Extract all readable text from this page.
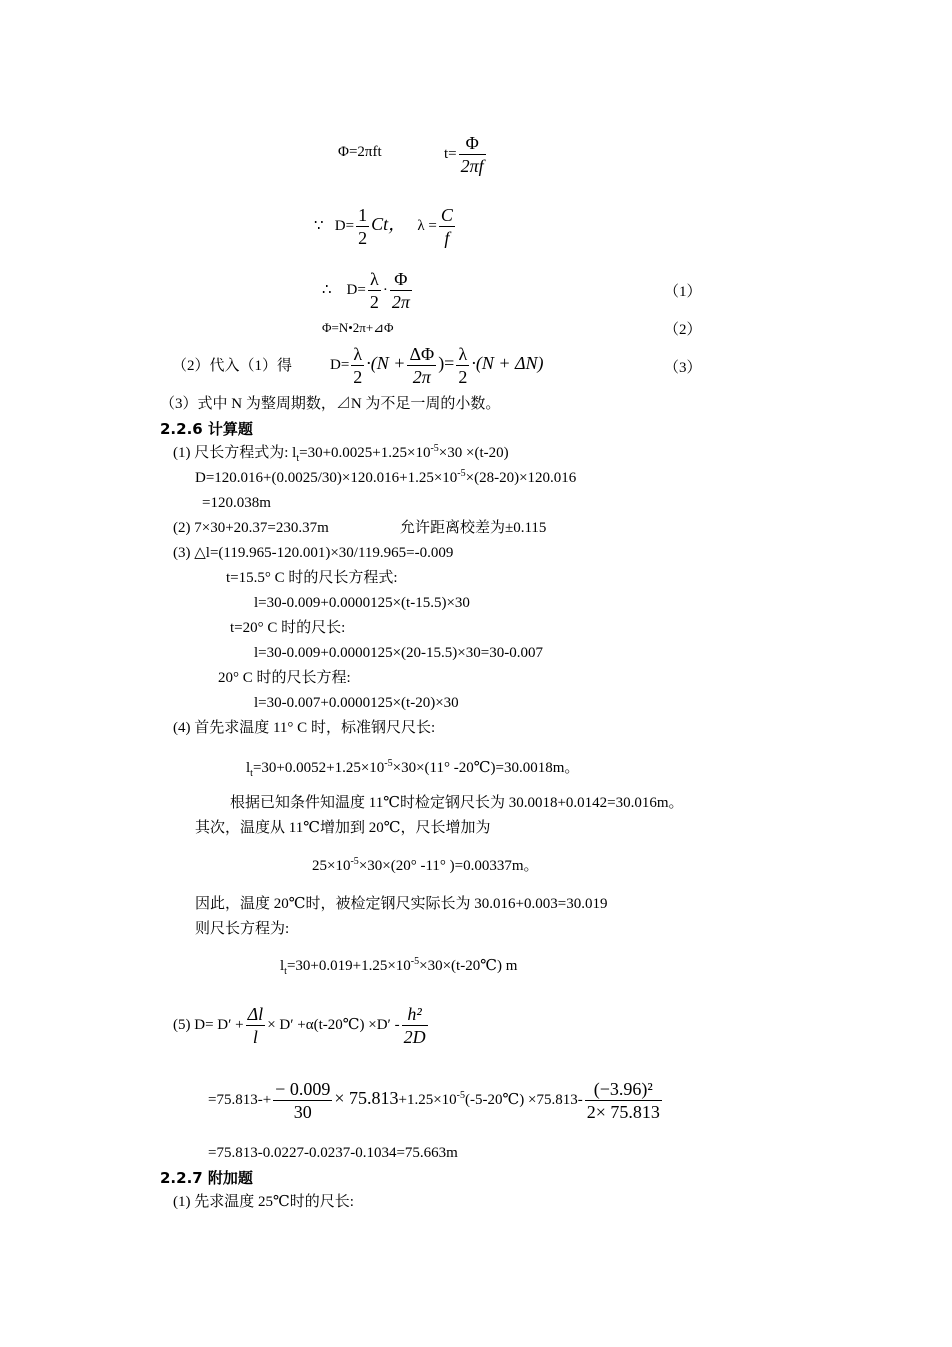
Φ=2πft	$t= \frac{\Phi}{2\pi f}$
∵ $D= \frac{1}{2}$ Ct， $\lambda = \frac{C}{f}$
∴ $D= \frac{\lambda}{2} \cdot \frac{\Phi}{2\pi}$	（1）
Φ=N•2π+⊿Φ	（2）
（2）代入（1）得	$D= \frac{\lambda}{2} \cdot(N + \frac{\Delta\Phi}{2\pi}$ )= $\frac{\lambda}{2} \cdot(N + \Delta N)$	（3）
（3）式中 N 为整周期数，⊿N 为不足一周的小数。
2.2.6 计算题
(1) 尺长方程式为: $l_t=30+0.0025+1.25\times 10^{-5}\times 30 \times(t-20)$
$D=120.016+(0.0025/30)\times 120.016+1.25\times 10^{-5}\times(28-20)\times 120.016$
=120.038m
(2) 7×30+20.37=230.37m	允许距离校差为±0.115
(3) △l=(119.965-120.001)×30/119.965=-0.009
t=15.5° C 时的尺长方程式:
l=30-0.009+0.0000125×(t-15.5)×30
t=20° C 时的尺长:
l=30-0.009+0.0000125×(20-15.5)×30=30-0.007
20° C 时的尺长方程:
l=30-0.007+0.0000125×(t-20)×30
(4) 首先求温度 11° C 时，标准钢尺尺长:
$l_t=30+0.0052+1.25\times 10^{-5}\times 30\times(11^\circ$ -20℃)=30.0018m。
根据已知条件知温度 11℃时检定钢尺长为 30.0018+0.0142=30.016m。
其次，温度从 11℃增加到 20℃，尺长增加为
$25\times 10^{-5}\times 30\times(20^\circ$ -11° )=0.00337m。
因此，温度 20℃时，被检定钢尺实际长为 30.016+0.003=30.019
则尺长方程为:
$l_t=30+0.019+1.25\times 10^{-5}\times 30\times(t-20℃)$ m
(5) $D= D' + \frac{\Delta l}{l} \times D'$ +α(t-20℃) $\times D' - \frac{\text{h²}}{2D}$
$=75.813-+ \frac{- 0.009}{30}$ × $75.813+1.25\times 10^{-5}(-5-20℃) \times 75.813- \frac{\text{(−3.96)²}}{2\times 75.813}$
=75.813-0.0227-0.0237-0.1034=75.663m
2.2.7 附加题
(1) 先求温度 25℃时的尺长:
